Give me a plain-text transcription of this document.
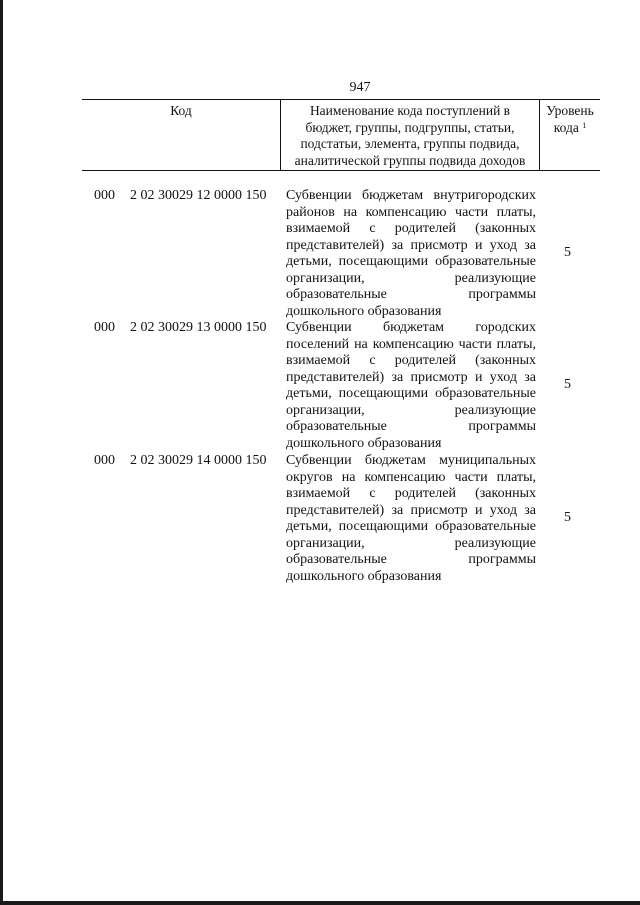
947
Код	Наименование кода поступлений в
бюджет, группы, подгруппы, статьи,
подстатьи, элемента, группы подвида,
аналитической группы подвида доходов
Уровень
кода $^1$
000 2 02 30029 12 0000 150 Субвенции бюджетам внутригородских районов на компенсацию части платы, взимаемой с родителей (законных представителей) за присмотр и уход за детьми, посещающими образовательные организации, реализующие образовательные программы дошкольного образования
5
000 2 02 30029 13 0000 150 Субвенции бюджетам городских поселений на компенсацию части платы, взимаемой с родителей (законных представителей) за присмотр и уход за детьми, посещающими образовательные организации, реализующие образовательные программы дошкольного образования
5
000 2 02 30029 14 0000 150 Субвенции бюджетам муниципальных округов на компенсацию части платы, взимаемой с родителей (законных представителей) за присмотр и уход за детьми, посещающими образовательные организации, реализующие образовательные программы дошкольного образования
5
